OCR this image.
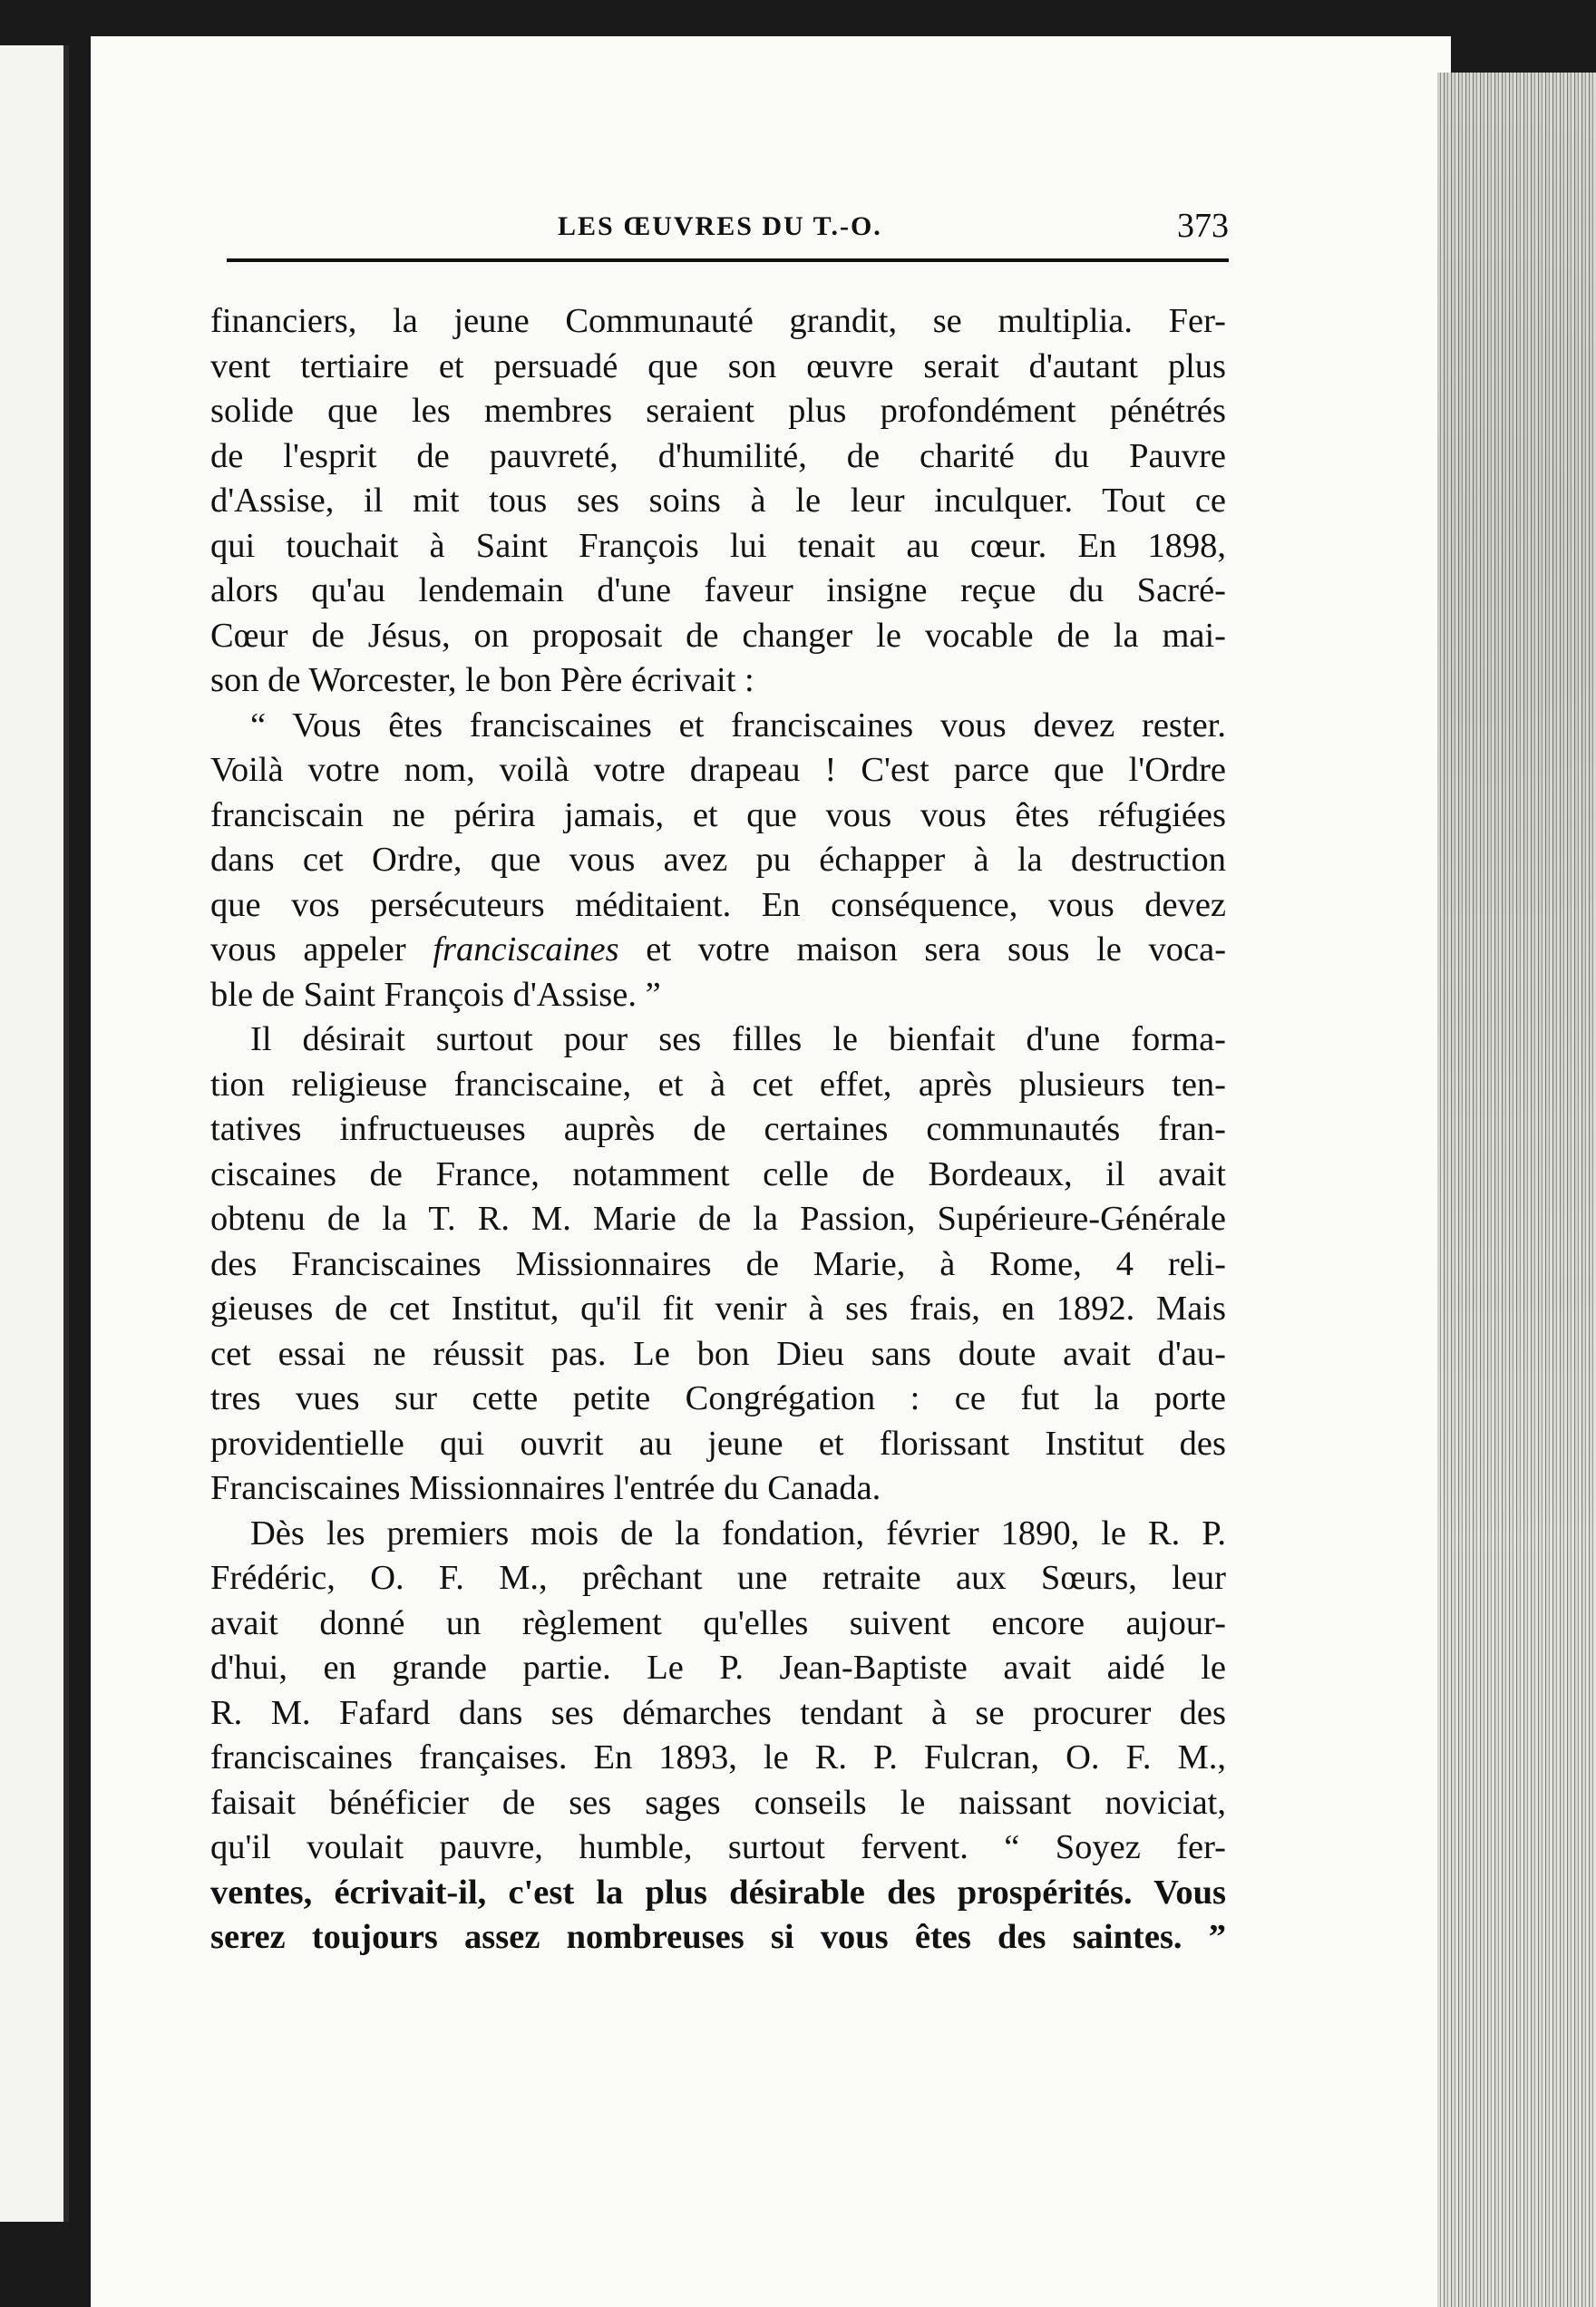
LES ŒUVRES DU T.-O.	373
financiers, la jeune Communauté grandit, se multiplia. Fer-
vent tertiaire et persuadé que son œuvre serait d'autant plus
solide que les membres seraient plus profondément pénétrés
de l'esprit de pauvreté, d'humilité, de charité du Pauvre
d'Assise, il mit tous ses soins à le leur inculquer. Tout ce
qui touchait à Saint François lui tenait au cœur. En 1898,
alors qu'au lendemain d'une faveur insigne reçue du Sacré-
Cœur de Jésus, on proposait de changer le vocable de la mai-
son de Worcester, le bon Père écrivait :
“ Vous êtes franciscaines et franciscaines vous devez rester.
Voilà votre nom, voilà votre drapeau ! C'est parce que l'Ordre
franciscain ne périra jamais, et que vous vous êtes réfugiées
dans cet Ordre, que vous avez pu échapper à la destruction
que vos persécuteurs méditaient. En conséquence, vous devez
vous appeler franciscaines et votre maison sera sous le voca-
ble de Saint François d'Assise. ”
Il désirait surtout pour ses filles le bienfait d'une forma-
tion religieuse franciscaine, et à cet effet, après plusieurs ten-
tatives infructueuses auprès de certaines communautés fran-
ciscaines de France, notamment celle de Bordeaux, il avait
obtenu de la T. R. M. Marie de la Passion, Supérieure-Générale
des Franciscaines Missionnaires de Marie, à Rome, 4 reli-
gieuses de cet Institut, qu'il fit venir à ses frais, en 1892. Mais
cet essai ne réussit pas. Le bon Dieu sans doute avait d'au-
tres vues sur cette petite Congrégation : ce fut la porte
providentielle qui ouvrit au jeune et florissant Institut des
Franciscaines Missionnaires l'entrée du Canada.
Dès les premiers mois de la fondation, février 1890, le R. P.
Frédéric, O. F. M., prêchant une retraite aux Sœurs, leur
avait donné un règlement qu'elles suivent encore aujour-
d'hui, en grande partie. Le P. Jean-Baptiste avait aidé le
R. M. Fafard dans ses démarches tendant à se procurer des
franciscaines françaises. En 1893, le R. P. Fulcran, O. F. M.,
faisait bénéficier de ses sages conseils le naissant noviciat,
qu'il voulait pauvre, humble, surtout fervent. “ Soyez fer-
ventes, écrivait-il, c'est la plus désirable des prospérités. Vous
serez toujours assez nombreuses si vous êtes des saintes. ”
